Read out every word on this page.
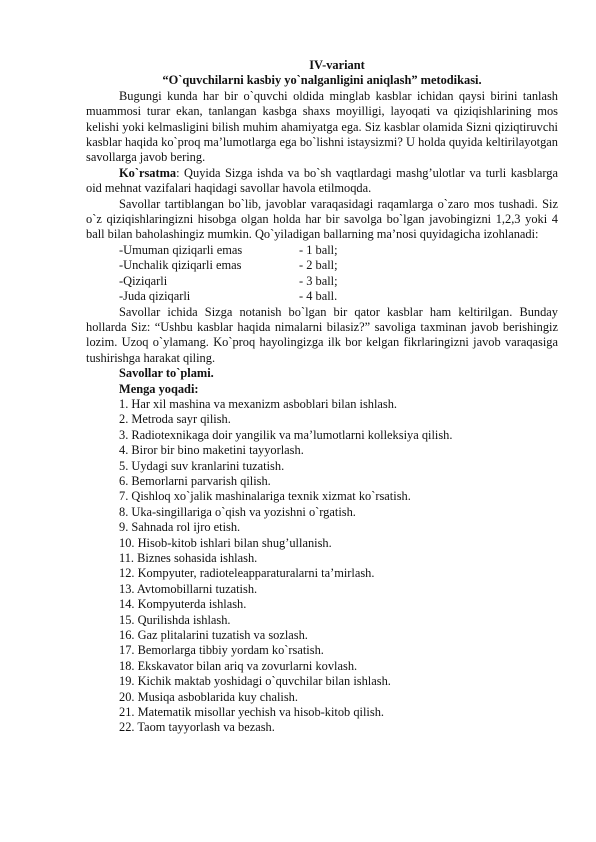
IV-variant
“O`quvchilarni kasbiy yo`nalganligini aniqlash” metodikasi.

Bugungi kunda har bir o`quvchi oldida minglab kasblar ichidan qaysi birini tanlash muammosi turar ekan, tanlangan kasbga shaxs moyilligi, layoqati va qiziqishlarining mos kelishi yoki kelmasligini bilish muhim ahamiyatga ega. Siz kasblar olamida Sizni qiziqtiruvchi kasblar haqida ko`proq ma’lumotlarga ega bo`lishni istaysizmi? U holda quyida keltirilayotgan savollarga javob bering.

Ko`rsatma: Quyida Sizga ishda va bo`sh vaqtlardagi mashg’ulotlar va turli kasblarga oid mehnat vazifalari haqidagi savollar havola etilmoqda.

Savollar tartiblangan bo`lib, javoblar varaqasidagi raqamlarga o`zaro mos tushadi. Siz o`z qiziqishlaringizni hisobga olgan holda har bir savolga bo`lgan javobingizni 1,2,3 yoki 4 ball bilan baholashingiz mumkin. Qo`yiladigan ballarning ma’nosi quyidagicha izohlanadi:

-Umuman qiziqarli emas	- 1 ball;
-Unchalik qiziqarli emas	- 2 ball;
-Qiziqarli	- 3 ball;
-Juda qiziqarli	- 4 ball.

Savollar ichida Sizga notanish bo`lgan bir qator kasblar ham keltirilgan. Bunday hollarda Siz: “Ushbu kasblar haqida nimalarni bilasiz?” savoliga taxminan javob berishingiz lozim. Uzoq o`ylamang. Ko`proq hayolingizga ilk bor kelgan fikrlaringizni javob varaqasiga tushirishga harakat qiling.

Savollar to`plami.
Menga yoqadi:
1. Har xil mashina va mexanizm asboblari bilan ishlash.
2. Metroda sayr qilish.
3. Radiotexnikaga doir yangilik va ma’lumotlarni kolleksiya qilish.
4. Biror bir bino maketini tayyorlash.
5. Uydagi suv kranlarini tuzatish.
6. Bemorlarni parvarish qilish.
7. Qishloq xo`jalik mashinalariga texnik xizmat ko`rsatish.
8. Uka-singillariga o`qish va yozishni o`rgatish.
9. Sahnada rol ijro etish.
10. Hisob-kitob ishlari bilan shug’ullanish.
11. Biznes sohasida ishlash.
12. Kompyuter, radioteleapparaturalarni ta’mirlash.
13. Avtomobillarni tuzatish.
14. Kompyuterda ishlash.
15. Qurilishda ishlash.
16. Gaz plitalarini tuzatish va sozlash.
17. Bemorlarga tibbiy yordam ko`rsatish.
18. Ekskavator bilan ariq va zovurlarni kovlash.
19. Kichik maktab yoshidagi o`quvchilar bilan ishlash.
20. Musiqa asboblarida kuy chalish.
21. Matematik misollar yechish va hisob-kitob qilish.
22. Taom tayyorlash va bezash.
